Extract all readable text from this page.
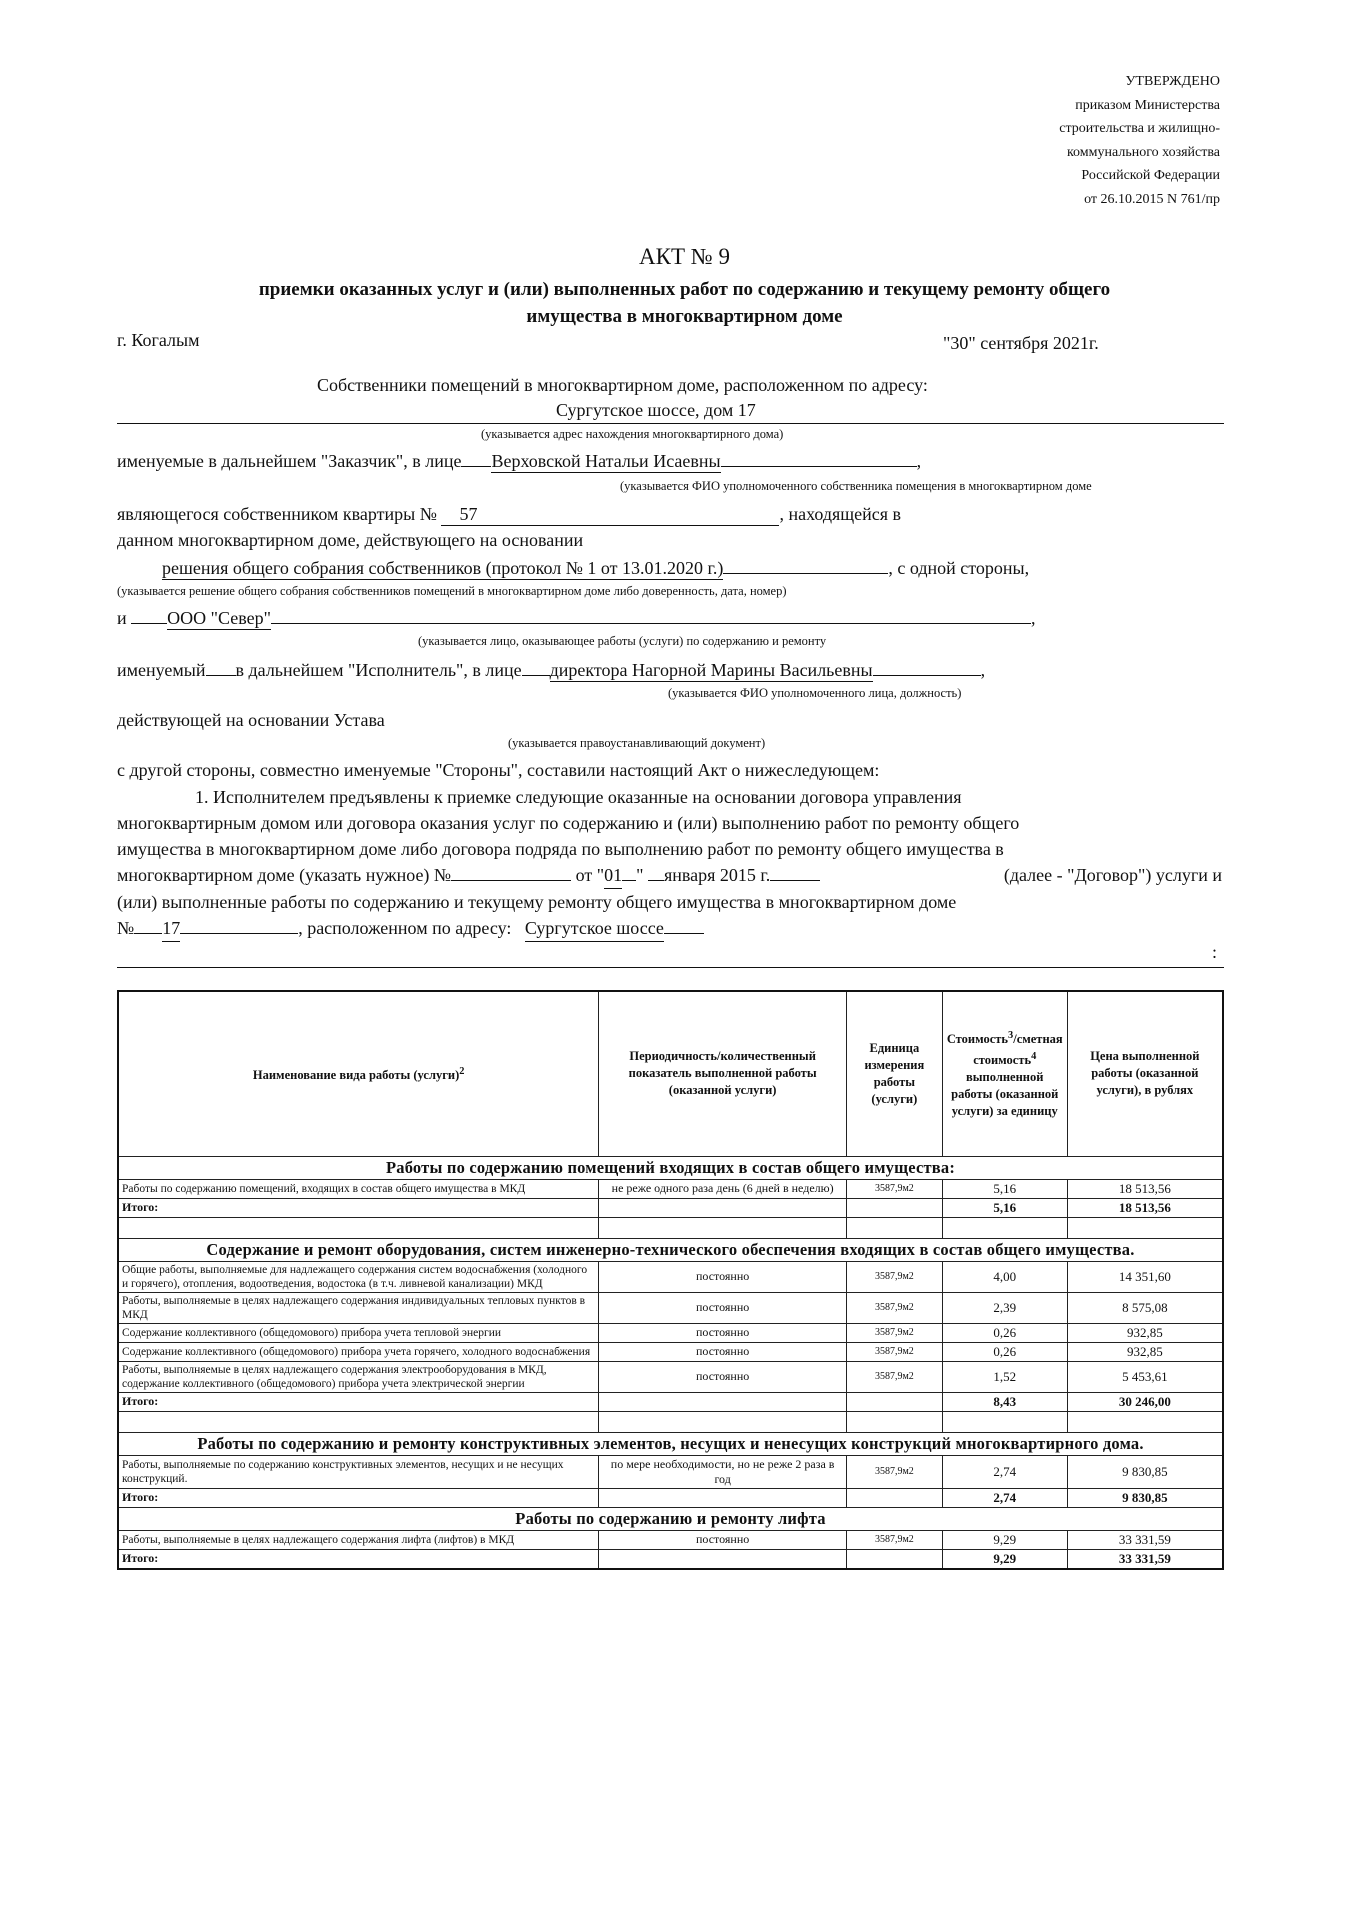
УТВЕРЖДЕНО
приказом Министерства
строительства и жилищно-
коммунального хозяйства
Российской Федерации
от 26.10.2015 N 761/пр
АКТ № 9
приемки оказанных услуг и (или) выполненных работ по содержанию и текущему ремонту общего
имущества в многоквартирном доме
г. Когалым	"30" сентября 2021г.
Собственники помещений в многоквартирном доме, расположенном по адресу:
Сургутское шоссе, дом 17
(указывается адрес нахождения многоквартирного дома)
именуемые в дальнейшем "Заказчик", в лице Верховской Натальи Исаевны	,
(указывается ФИО уполномоченного собственника помещения в многоквартирном доме
являющегося собственником квартиры № 57	, находящейся в
данном многоквартирном доме, действующего на основании
решения общего собрания собственников (протокол № 1 от 13.01.2020 г.)	, с одной стороны,
(указывается решение общего собрания собственников помещений в многоквартирном доме либо доверенность, дата, номер)
и ООО "Север"	,
(указывается лицо, оказывающее работы (услуги) по содержанию и ремонту
именуемый в дальнейшем "Исполнитель", в лице директора Нагорной Марины Васильевны	,
(указывается ФИО уполномоченного лица, должность)
действующей на основании Устава
(указывается правоустанавливающий документ)
с другой стороны, совместно именуемые "Стороны", составили настоящий Акт о нижеследующем:
1. Исполнителем предъявлены к приемке следующие оказанные на основании договора управления
многоквартирным домом или договора оказания услуг по содержанию и (или) выполнению работ по ремонту общего
имущества в многоквартирном доме либо договора подряда по выполнению работ по ремонту общего имущества в
многоквартирном доме (указать нужное) №	от "01 " января 2015 г.	(далее - "Договор") услуги и
(или) выполненные работы по содержанию и текущему ремонту общего имущества в многоквартирном доме
№ 17	, расположенном по адресу: Сургутское шоссе
:
Наименование вида работы (услуги)$^2$	Периодичность/количественный показатель выполненной работы (оказанной услуги)	Единица измерения работы (услуги)	Стоимость$^3$/сметная стоимость$^4$ выполненной работы (оказанной услуги) за единицу	Цена выполненной работы (оказанной услуги), в рублях
Работы по содержанию помещений входящих в состав общего имущества:				
Работы по содержанию помещений, входящих в состав общего имущества в МКД	не реже одного раза день (6 дней в неделю)	3587,9м2	5,16	18 513,56
Итого:			5,16	18 513,56

Содержание и ремонт оборудования, систем инженерно-технического обеспечения входящих в состав общего имущества.				
Общие работы, выполняемые для надлежащего содержания систем водоснабжения (холодного и горячего), отопления, водоотведения, водостока (в т.ч. ливневой канализации) МКД	постоянно	3587,9м2	4,00	14 351,60
Работы, выполняемые в целях надлежащего содержания индивидуальных тепловых пунктов в МКД	постоянно	3587,9м2	2,39	8 575,08
Содержание коллективного (общедомового) прибора учета тепловой энергии	постоянно	3587,9м2	0,26	932,85
Содержание коллективного (общедомового) прибора учета горячего, холодного водоснабжения	постоянно	3587,9м2	0,26	932,85
Работы, выполняемые в целях надлежащего содержания электрооборудования в МКД, содержание коллективного (общедомового) прибора учета электрической энергии	постоянно	3587,9м2	1,52	5 453,61
Итого:			8,43	30 246,00

Работы по содержанию и ремонту конструктивных элементов, несущих и ненесущих конструкций многоквартирного дома.				
Работы, выполняемые по содержанию конструктивных элементов, несущих и не несущих конструкций.	по мере необходимости, но не реже 2 раза в год	3587,9м2	2,74	9 830,85
Итого:			2,74	9 830,85
Работы по содержанию и ремонту лифта				
Работы, выполняемые в целях надлежащего содержания лифта (лифтов) в МКД	постоянно	3587,9м2	9,29	33 331,59
Итого:			9,29	33 331,59
